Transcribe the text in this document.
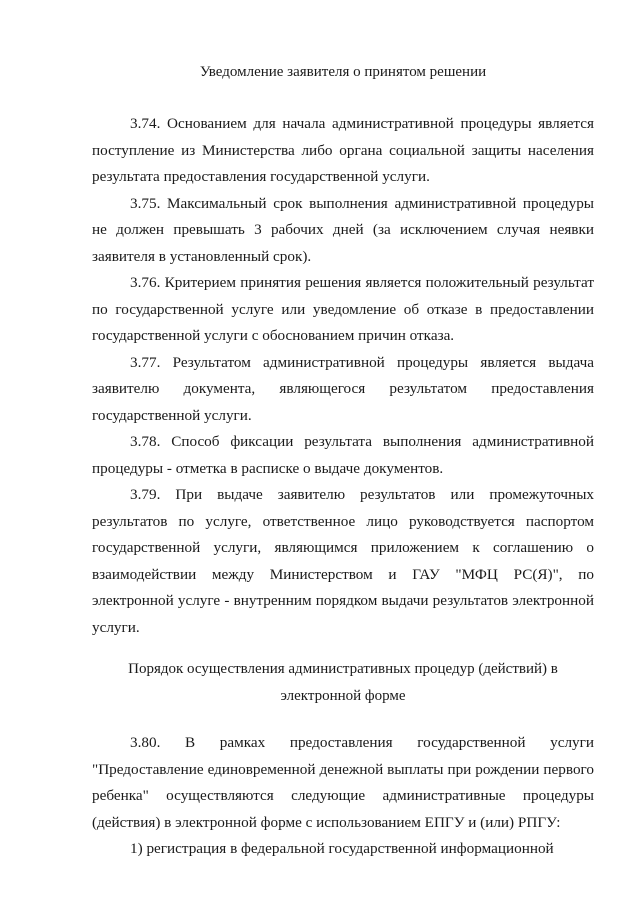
Уведомление заявителя о принятом решении

3.74. Основанием для начала административной процедуры является поступление из Министерства либо органа социальной защиты населения результата предоставления государственной услуги.

3.75. Максимальный срок выполнения административной процедуры не должен превышать 3 рабочих дней (за исключением случая неявки заявителя в установленный срок).

3.76. Критерием принятия решения является положительный результат по государственной услуге или уведомление об отказе в предоставлении государственной услуги с обоснованием причин отказа.

3.77. Результатом административной процедуры является выдача заявителю документа, являющегося результатом предоставления государственной услуги.

3.78. Способ фиксации результата выполнения административной процедуры - отметка в расписке о выдаче документов.

3.79. При выдаче заявителю результатов или промежуточных результатов по услуге, ответственное лицо руководствуется паспортом государственной услуги, являющимся приложением к соглашению о взаимодействии между Министерством и ГАУ "МФЦ РС(Я)", по электронной услуге - внутренним порядком выдачи результатов электронной услуги.

Порядок осуществления административных процедур (действий) в
электронной форме

3.80. В рамках предоставления государственной услуги "Предоставление единовременной денежной выплаты при рождении первого ребенка" осуществляются следующие административные процедуры (действия) в электронной форме с использованием ЕПГУ и (или) РПГУ:

1) регистрация в федеральной государственной информационной
